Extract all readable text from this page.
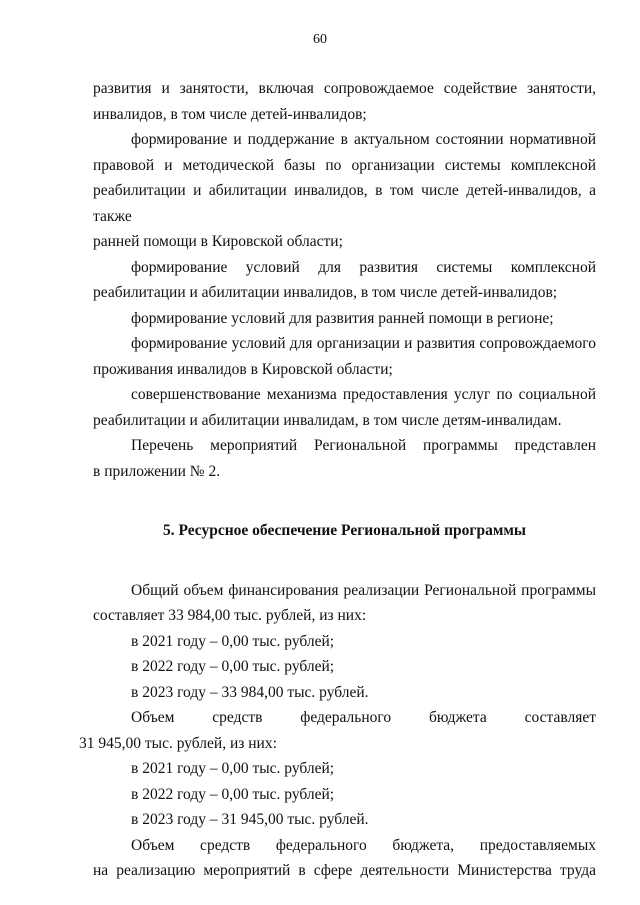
60

развития и занятости, включая сопровождаемое содействие занятости,
инвалидов, в том числе детей-инвалидов;

формирование и поддержание в актуальном состоянии нормативной
правовой и методической базы по организации системы комплексной
реабилитации и абилитации инвалидов, в том числе детей-инвалидов, а также
ранней помощи в Кировской области;

формирование условий для развития системы комплексной
реабилитации и абилитации инвалидов, в том числе детей-инвалидов;

формирование условий для развития ранней помощи в регионе;

формирование условий для организации и развития сопровождаемого
проживания инвалидов в Кировской области;

совершенствование механизма предоставления услуг по социальной
реабилитации и абилитации инвалидам, в том числе детям-инвалидам.

Перечень мероприятий Региональной программы представлен
в приложении № 2.

5. Ресурсное обеспечение Региональной программы

Общий объем финансирования реализации Региональной программы
составляет 33 984,00 тыс. рублей, из них:

в 2021 году – 0,00 тыс. рублей;

в 2022 году – 0,00 тыс. рублей;

в 2023 году – 33 984,00 тыс. рублей.

Объем средств федерального бюджета составляет
31 945,00 тыс. рублей, из них:

в 2021 году – 0,00 тыс. рублей;

в 2022 году – 0,00 тыс. рублей;

в 2023 году – 31 945,00 тыс. рублей.

Объем средств федерального бюджета, предоставляемых
на реализацию мероприятий в сфере деятельности Министерства труда
